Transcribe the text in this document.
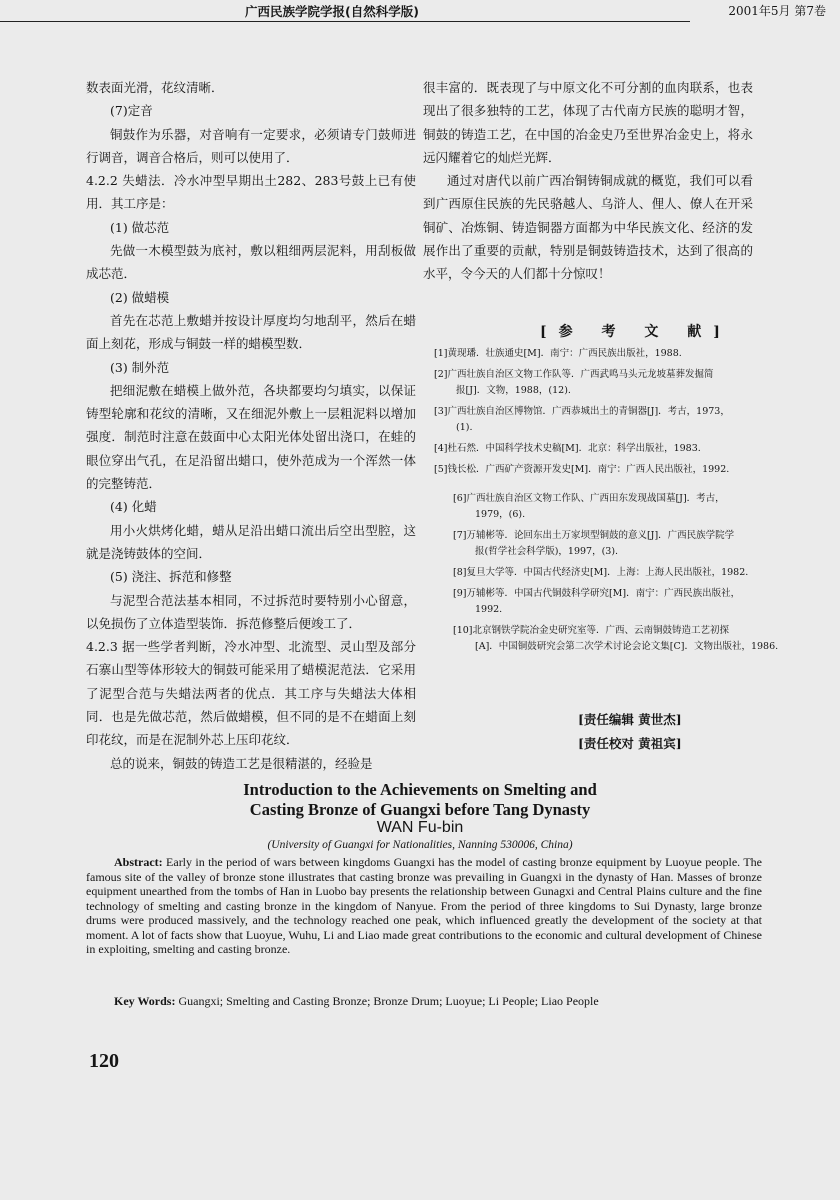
广西民族学院学报(自然科学版)	2001年5月 第7卷

数表面光滑，花纹清晰．

(7)定音

铜鼓作为乐器，对音响有一定要求，必须请专门鼓师进行调音，调音合格后，则可以使用了．

4.2.2 失蜡法．冷水冲型早期出土282、283号鼓上已有使用．其工序是：

(1) 做芯范

先做一木模型鼓为底衬，敷以粗细两层泥料，用刮板做成芯范．

(2) 做蜡模

首先在芯范上敷蜡并按设计厚度均匀地刮平，然后在蜡面上刻花，形成与铜鼓一样的蜡模型数．

(3) 制外范

把细泥敷在蜡模上做外范，各块都要均匀填实，以保证铸型轮廓和花纹的清晰，又在细泥外敷上一层粗泥料以增加强度．制范时注意在鼓面中心太阳光体处留出浇口，在蛙的眼位穿出气孔，在足沿留出蜡口，使外范成为一个浑然一体的完整铸范．

(4) 化蜡

用小火烘烤化蜡，蜡从足沿出蜡口流出后空出型腔，这就是浇铸鼓体的空间．

(5) 浇注、拆范和修整

与泥型合范法基本相同，不过拆范时要特别小心留意，以免损伤了立体造型装饰．拆范修整后便竣工了．

4.2.3 据一些学者判断，冷水冲型、北流型、灵山型及部分石寨山型等体形较大的铜鼓可能采用了蜡模泥范法．它采用了泥型合范与失蜡法两者的优点．其工序与失蜡法大体相同．也是先做芯范，然后做蜡模，但不同的是不在蜡面上刻印花纹，而是在泥制外芯上压印花纹．

总的说来，铜鼓的铸造工艺是很精湛的，经验是

很丰富的．既表现了与中原文化不可分割的血肉联系，也表现出了很多独特的工艺，体现了古代南方民族的聪明才智，铜鼓的铸造工艺，在中国的冶金史乃至世界冶金史上，将永远闪耀着它的灿烂光辉．

通过对唐代以前广西冶铜铸铜成就的概览，我们可以看到广西原住民族的先民骆越人、乌浒人、俚人、僚人在开采铜矿、冶炼铜、铸造铜器方面都为中华民族文化、经济的发展作出了重要的贡献，特别是铜鼓铸造技术，达到了很高的水平，令今天的人们都十分惊叹！

[参 考 文 献]

[1]黄现璠．壮族通史[M]．南宁：广西民族出版社，1988.

[2]广西壮族自治区文物工作队等．广西武鸣马头元龙坡墓葬发掘简
报[J]．文物，1988，(12).

[3]广西壮族自治区博物馆．广西恭城出土的青铜器[J]．考古，1973，
(1).

[4]杜石然．中国科学技术史稿[M]．北京：科学出版社，1983.

[5]钱长松．广西矿产资源开发史[M]．南宁：广西人民出版社，1992.

[6]广西壮族自治区文物工作队、广西田东发现战国墓[J]．考古，
1979，(6).

[7]万辅彬等．论回东出土万家坝型铜鼓的意义[J]．广西民族学院学
报(哲学社会科学版)，1997，(3).

[8]复旦大学等．中国古代经济史[M]．上海：上海人民出版社，1982.

[9]万辅彬等．中国古代铜鼓科学研究[M]．南宁：广西民族出版社，
1992.

[10]北京钢铁学院冶金史研究室等．广西、云南铜鼓铸造工艺初探
[A]．中国铜鼓研究会第二次学术讨论会论文集[C]．文物出版社，1986.

[责任编辑 黄世杰]
[责任校对 黄祖宾]
Introduction to the Achievements on Smelting and
Casting Bronze of Guangxi before Tang Dynasty
WAN Fu-bin
(University of Guangxi for Nationalities, Nanning 530006, China)

Abstract: Early in the period of wars between kingdoms Guangxi has the model of casting bronze equipment by Luoyue people. The famous site of the valley of bronze stone illustrates that casting bronze was prevailing in Guangxi in the dynasty of Han. Masses of bronze equipment unearthed from the tombs of Han in Luobo bay presents the relationship between Gunagxi and Central Plains culture and the fine technology of smelting and casting bronze in the kingdom of Nanyue. From the period of three kingdoms to Sui Dynasty, large bronze drums were produced massively, and the technology reached one peak, which influenced greatly the development of the society at that moment. A lot of facts show that Luoyue, Wuhu, Li and Liao made great contributions to the economic and cultural development of Chinese in exploiting, smelting and casting bronze.

Key Words: Guangxi; Smelting and Casting Bronze; Bronze Drum; Luoyue; Li People; Liao People
120
